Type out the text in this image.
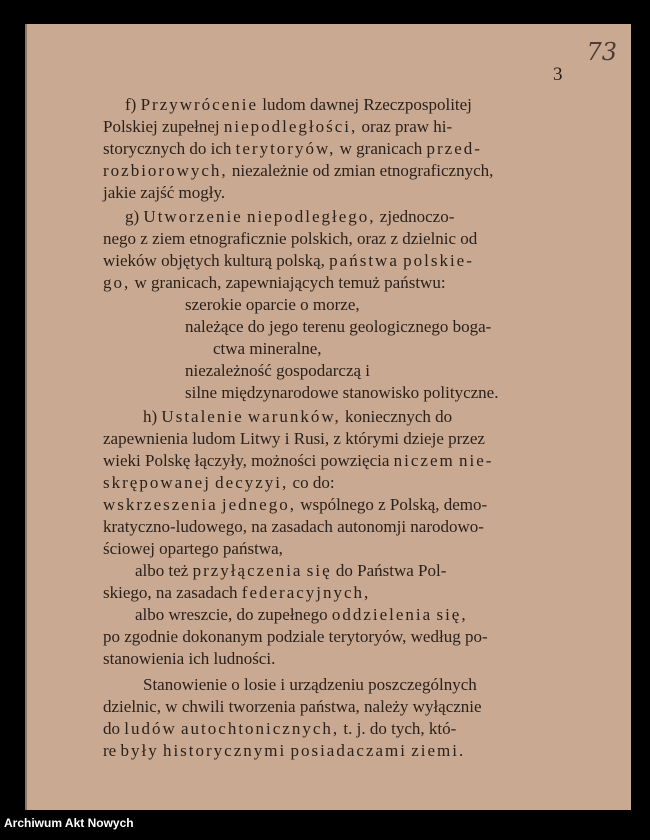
73
3
f) Przywrócenie ludom dawnej Rzeczpospolitej
Polskiej zupełnej niepodległości, oraz praw hi-
storycznych do ich terytoryów, w granicach przed-
rozbiorowych, niezależnie od zmian etnograficznych,
jakie zajść mogły.
g) Utworzenie niepodległego, zjednoczo-
nego z ziem etnograficznie polskich, oraz z dzielnic od
wieków objętych kulturą polską, państwa polskie-
go, w granicach, zapewniających temuż państwu:
szerokie oparcie o morze,
należące do jego terenu geologicznego boga-
ctwa mineralne,
niezależność gospodarczą i
silne międzynarodowe stanowisko polityczne.
h) Ustalenie warunków, koniecznych do
zapewnienia ludom Litwy i Rusi, z którymi dzieje przez
wieki Polskę łączyły, możności powzięcia niczem nie-
skrępowanej decyzyi, co do:
wskrzeszenia jednego, wspólnego z Polską, demo-
kratyczno-ludowego, na zasadach autonomji narodowo-
ściowej opartego państwa,
albo też przyłączenia się do Państwa Pol-
skiego, na zasadach federacyjnych,
albo wreszcie, do zupełnego oddzielenia się,
po zgodnie dokonanym podziale terytoryów, według po-
stanowienia ich ludności.
Stanowienie o losie i urządzeniu poszczególnych
dzielnic, w chwili tworzenia państwa, należy wyłącznie
do ludów autochtonicznych, t. j. do tych, któ-
re były historycznymi posiadaczami ziemi.
Archiwum Akt Nowych
